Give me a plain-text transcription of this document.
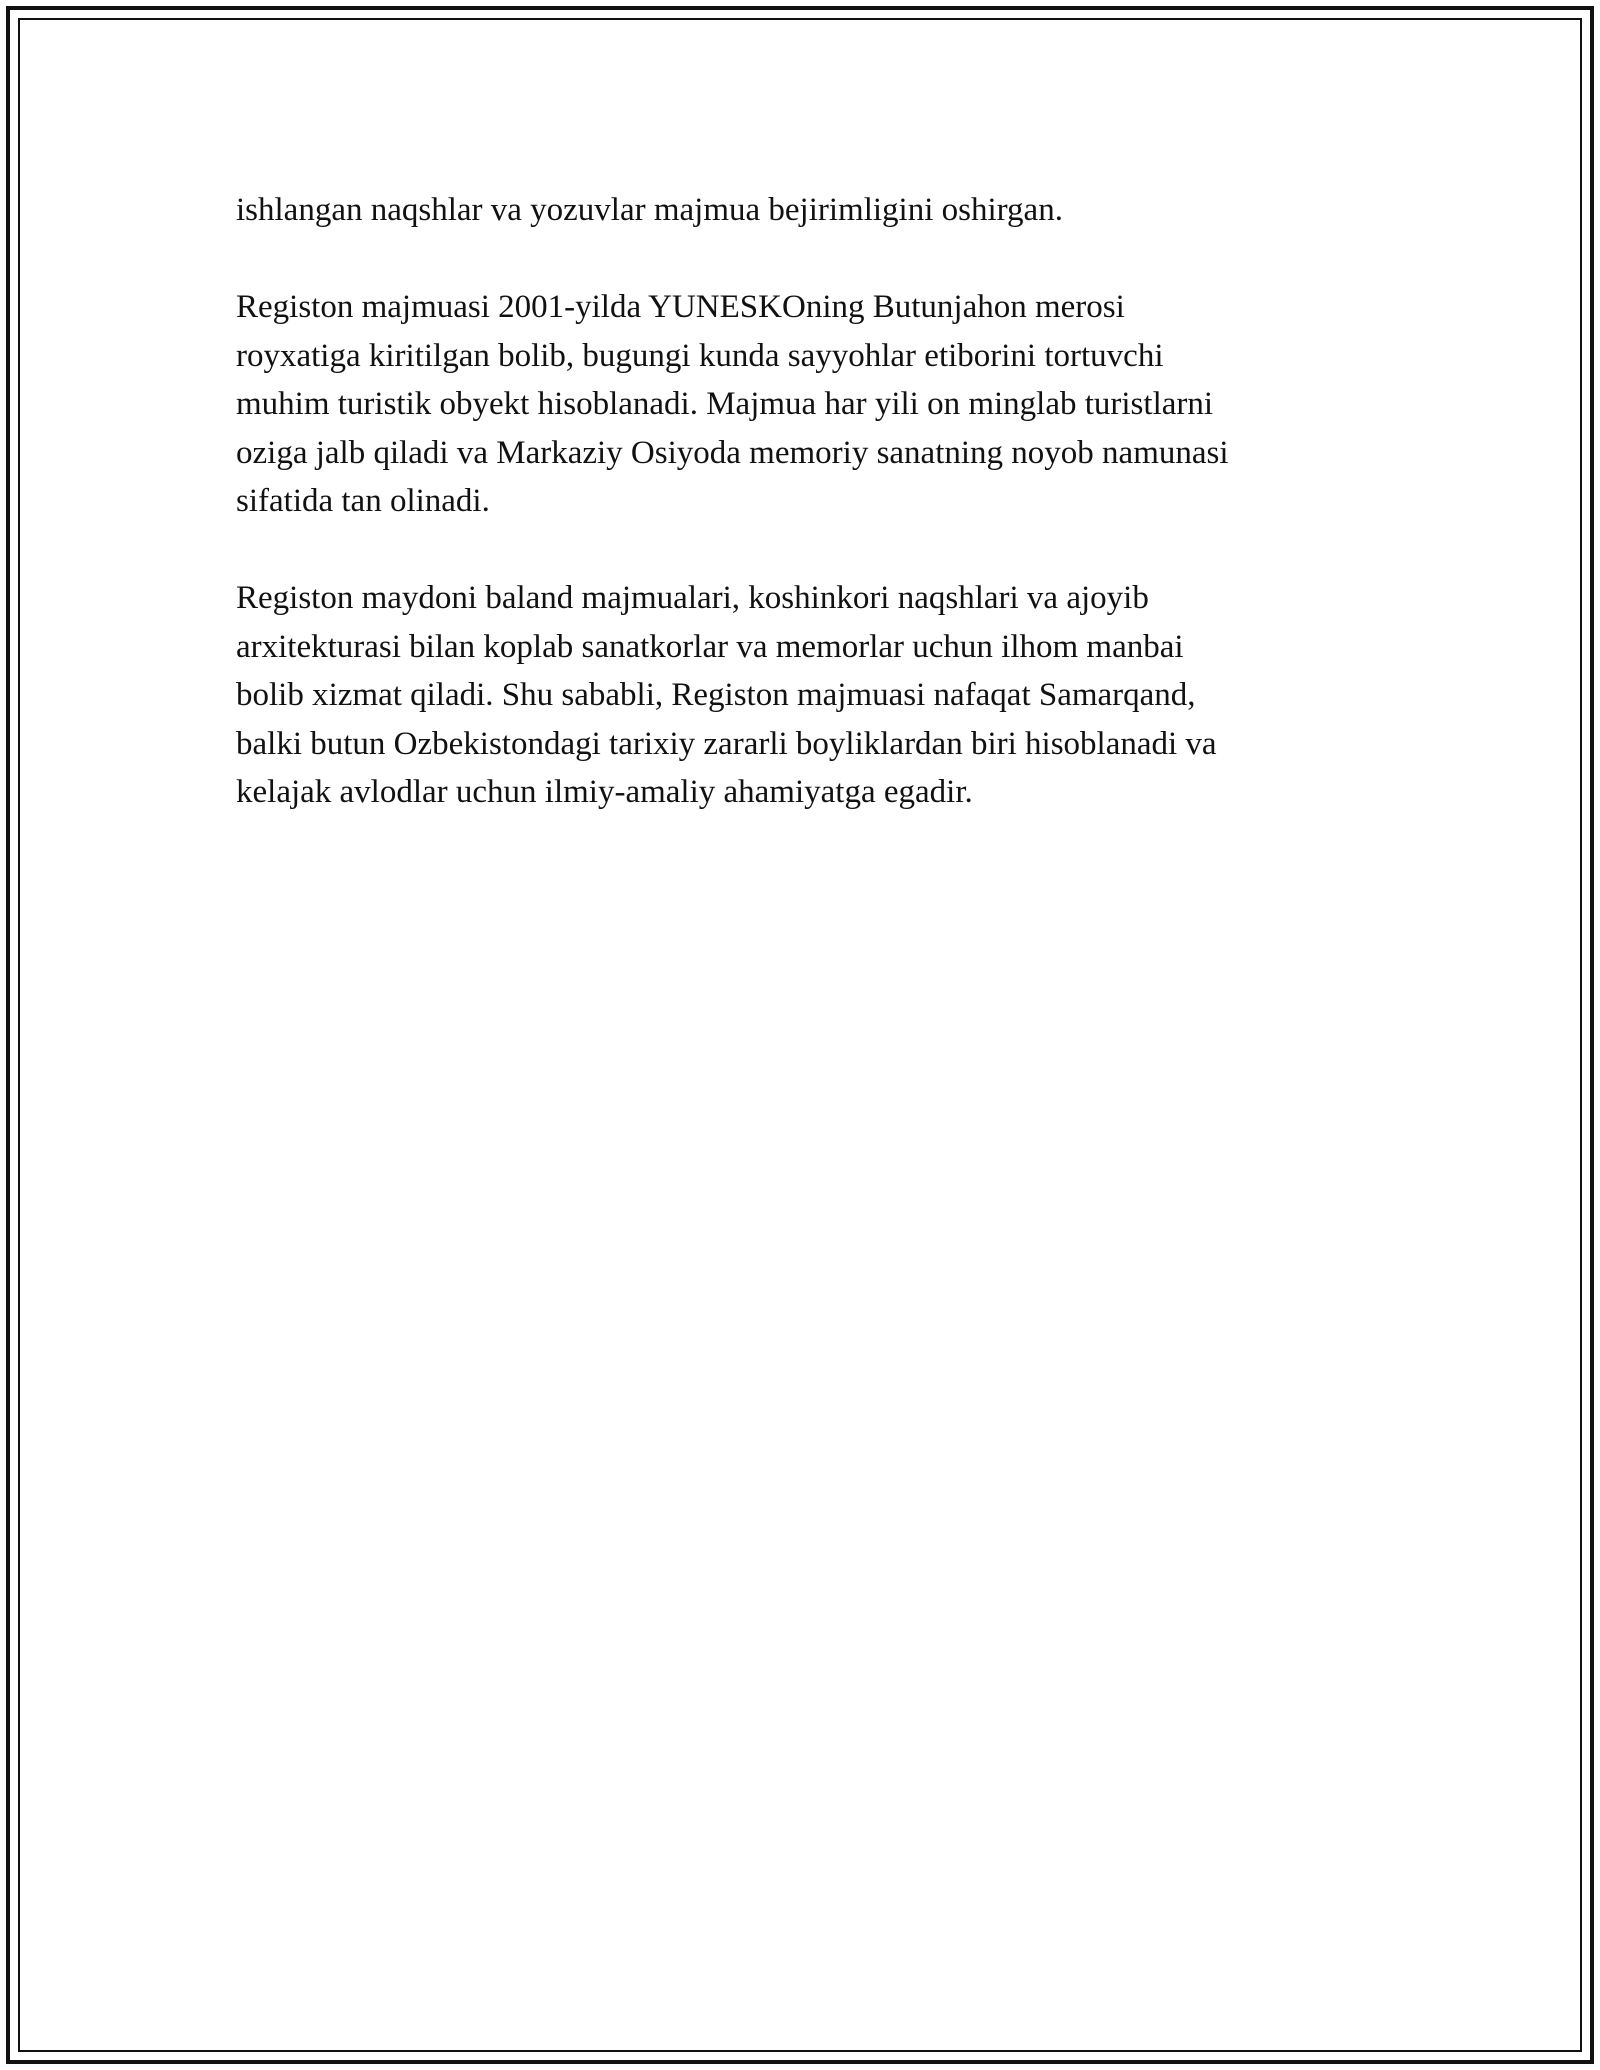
ishlangan naqshlar va yozuvlar majmua bejirimligini oshirgan.

Registon majmuasi 2001-yilda YUNESKOning Butunjahon merosi
royxatiga kiritilgan bolib, bugungi kunda sayyohlar etiborini tortuvchi
muhim turistik obyekt hisoblanadi. Majmua har yili on minglab turistlarni
oziga jalb qiladi va Markaziy Osiyoda memoriy sanatning noyob namunasi
sifatida tan olinadi.

Registon maydoni baland majmualari, koshinkori naqshlari va ajoyib
arxitekturasi bilan koplab sanatkorlar va memorlar uchun ilhom manbai
bolib xizmat qiladi. Shu sababli, Registon majmuasi nafaqat Samarqand,
balki butun Ozbekistondagi tarixiy zararli boyliklardan biri hisoblanadi va
kelajak avlodlar uchun ilmiy-amaliy ahamiyatga egadir.
